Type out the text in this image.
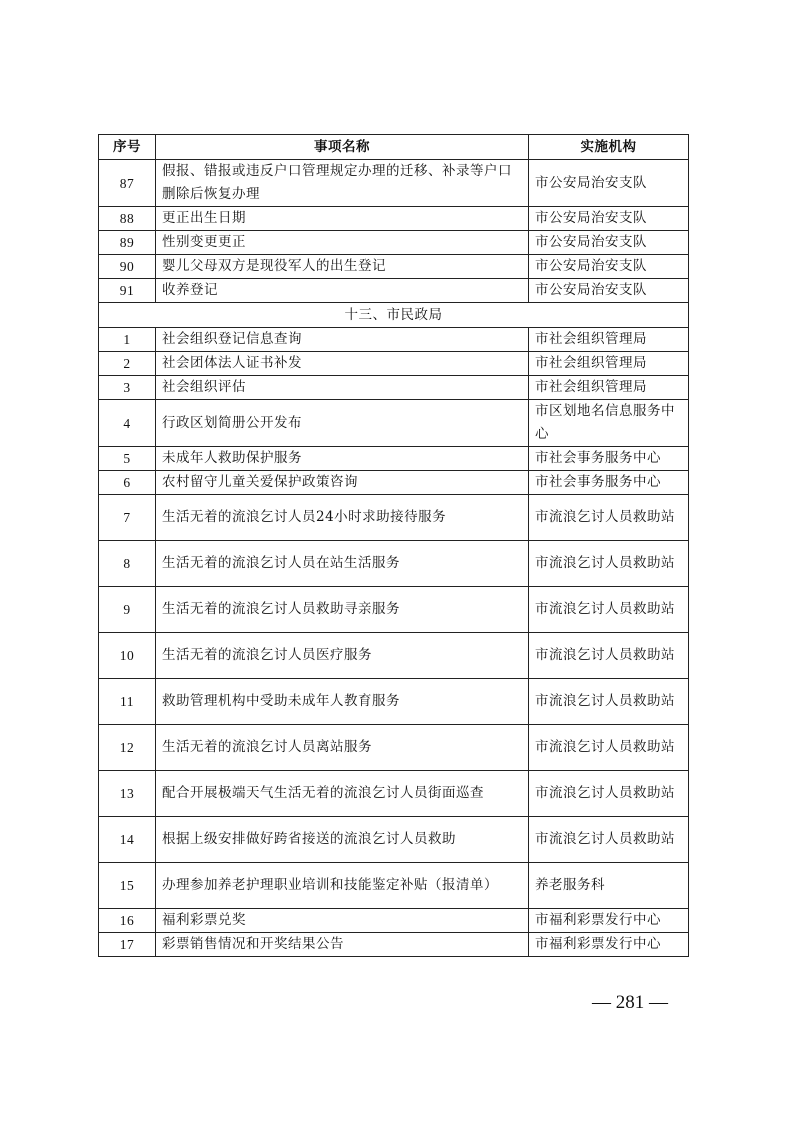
序号	事项名称	实施机构
87	假报、错报或违反户口管理规定办理的迁移、补录等户口删除后恢复办理	市公安局治安支队
88	更正出生日期	市公安局治安支队
89	性别变更更正	市公安局治安支队
90	婴儿父母双方是现役军人的出生登记	市公安局治安支队
91	收养登记	市公安局治安支队
十三、市民政局		
1	社会组织登记信息查询	市社会组织管理局
2	社会团体法人证书补发	市社会组织管理局
3	社会组织评估	市社会组织管理局
4	行政区划简册公开发布	市区划地名信息服务中心
5	未成年人救助保护服务	市社会事务服务中心
6	农村留守儿童关爱保护政策咨询	市社会事务服务中心
7	生活无着的流浪乞讨人员24小时求助接待服务	市流浪乞讨人员救助站
8	生活无着的流浪乞讨人员在站生活服务	市流浪乞讨人员救助站
9	生活无着的流浪乞讨人员救助寻亲服务	市流浪乞讨人员救助站
10	生活无着的流浪乞讨人员医疗服务	市流浪乞讨人员救助站
11	救助管理机构中受助未成年人教育服务	市流浪乞讨人员救助站
12	生活无着的流浪乞讨人员离站服务	市流浪乞讨人员救助站
13	配合开展极端天气生活无着的流浪乞讨人员街面巡查	市流浪乞讨人员救助站
14	根据上级安排做好跨省接送的流浪乞讨人员救助	市流浪乞讨人员救助站
15	办理参加养老护理职业培训和技能鉴定补贴（报清单）	养老服务科
16	福利彩票兑奖	市福利彩票发行中心
17	彩票销售情况和开奖结果公告	市福利彩票发行中心
— 281 —
